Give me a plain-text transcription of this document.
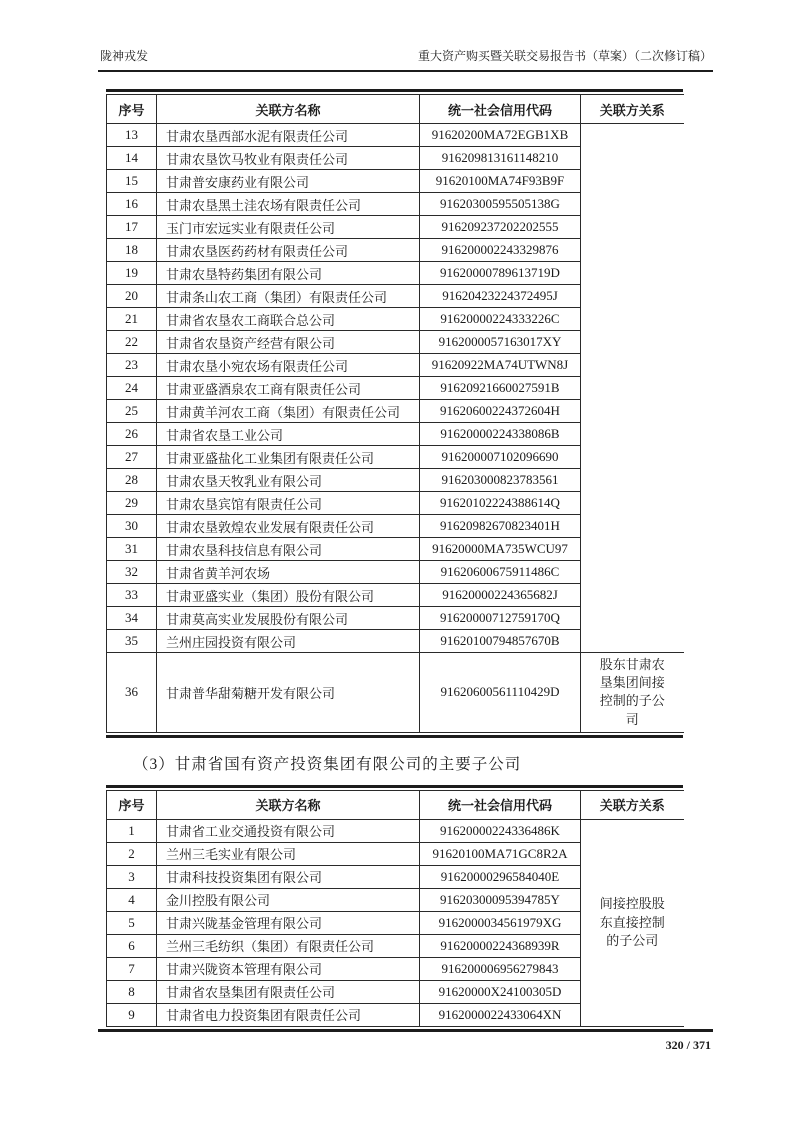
陇神戎发	重大资产购买暨关联交易报告书（草案）（二次修订稿）
序号	关联方名称	统一社会信用代码	关联方关系
13	甘肃农垦西部水泥有限责任公司	91620200MA72EGB1XB	
14	甘肃农垦饮马牧业有限责任公司	916209813161148210	
15	甘肃普安康药业有限公司	91620100MA74F93B9F	
16	甘肃农垦黑土洼农场有限责任公司	91620300595505138G	
17	玉门市宏远实业有限责任公司	916209237202202555	
18	甘肃农垦医药药材有限责任公司	916200002243329876	
19	甘肃农垦特药集团有限公司	91620000789613719D	
20	甘肃条山农工商（集团）有限责任公司	91620423224372495J	
21	甘肃省农垦农工商联合总公司	91620000224333226C	
22	甘肃省农垦资产经营有限公司	9162000057163017XY	
23	甘肃农垦小宛农场有限责任公司	91620922MA74UTWN8J	
24	甘肃亚盛酒泉农工商有限责任公司	91620921660027591B	
25	甘肃黄羊河农工商（集团）有限责任公司	91620600224372604H	
26	甘肃省农垦工业公司	91620000224338086B	
27	甘肃亚盛盐化工业集团有限责任公司	916200007102096690	
28	甘肃农垦天牧乳业有限公司	916203000823783561	
29	甘肃农垦宾馆有限责任公司	91620102224388614Q	
30	甘肃农垦敦煌农业发展有限责任公司	91620982670823401H	
31	甘肃农垦科技信息有限公司	91620000MA735WCU97	
32	甘肃省黄羊河农场	91620600675911486C	
33	甘肃亚盛实业（集团）股份有限公司	91620000224365682J	
34	甘肃莫高实业发展股份有限公司	91620000712759170Q	
35	兰州庄园投资有限公司	91620100794857670B	
36	甘肃普华甜菊糖开发有限公司	91620600561110429D	股东甘肃农垦集团间接控制的子公司
（3）甘肃省国有资产投资集团有限公司的主要子公司
序号	关联方名称	统一社会信用代码	关联方关系
1	甘肃省工业交通投资有限公司	91620000224336486K	间接控股股东直接控制的子公司
2	兰州三毛实业有限公司	91620100MA71GC8R2A	
3	甘肃科技投资集团有限公司	91620000296584040E	
4	金川控股有限公司	91620300095394785Y	
5	甘肃兴陇基金管理有限公司	9162000034561979XG	
6	兰州三毛纺织（集团）有限责任公司	91620000224368939R	
7	甘肃兴陇资本管理有限公司	916200006956279843	
8	甘肃省农垦集团有限责任公司	91620000X24100305D	
9	甘肃省电力投资集团有限责任公司	9162000022433064XN	
320 / 371
